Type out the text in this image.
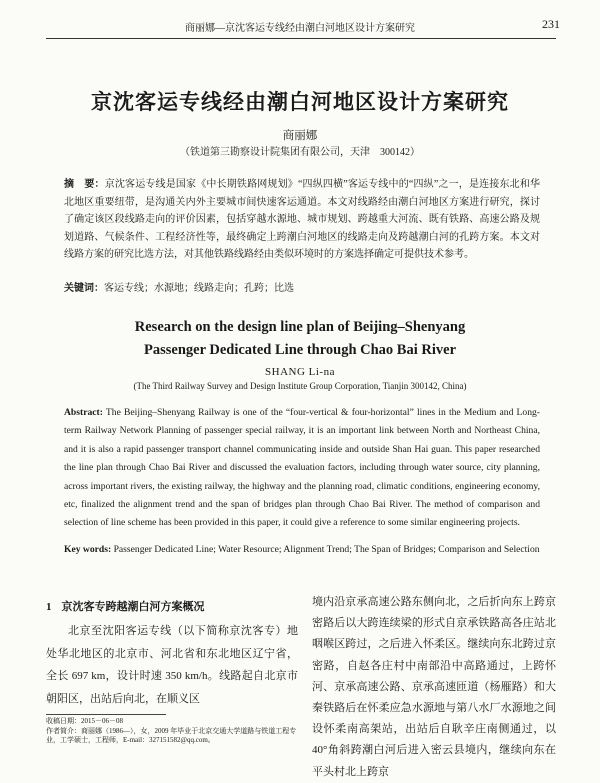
商丽娜—京沈客运专线经由潮白河地区设计方案研究	231
京沈客运专线经由潮白河地区设计方案研究
商丽娜
（铁道第三勘察设计院集团有限公司，天津　300142）
摘　要：京沈客运专线是国家《中长期铁路网规划》“四纵四横”客运专线中的“四纵”之一，是连接东北和华北地区重要纽带，是沟通关内外主要城市间快速客运通道。本文对线路经由潮白河地区方案进行研究，探讨了确定该区段线路走向的评价因素，包括穿越水源地、城市规划、跨越重大河流、既有铁路、高速公路及规划道路、气候条件、工程经济性等，最终确定上跨潮白河地区的线路走向及跨越潮白河的孔跨方案。本文对线路方案的研究比选方法，对其他铁路线路经由类似环境时的方案选择确定可提供技术参考。
关键词：客运专线；水源地；线路走向；孔跨；比选
Research on the design line plan of Beijing–Shenyang
Passenger Dedicated Line through Chao Bai River
SHANG Li-na
(The Third Railway Survey and Design Institute Group Corporation, Tianjin 300142, China)
Abstract: The Beijing–Shenyang Railway is one of the “four-vertical & four-horizontal” lines in the Medium and Long-term Railway Network Planning of passenger special railway, it is an important link between North and Northeast China, and it is also a rapid passenger transport channel communicating inside and outside Shan Hai guan. This paper researched the line plan through Chao Bai River and discussed the evaluation factors, including through water source, city planning, across important rivers, the existing railway, the highway and the planning road, climatic conditions, engineering economy, etc, finalized the alignment trend and the span of bridges plan through Chao Bai River. The method of comparison and selection of line scheme has been provided in this paper, it could give a reference to some similar engineering projects.
Key words: Passenger Dedicated Line; Water Resource; Alignment Trend; The Span of Bridges; Comparison and Selection
1 京沈客专跨越潮白河方案概况
北京至沈阳客运专线（以下简称京沈客专）地处华北地区的北京市、河北省和东北地区辽宁省，全长 697 km，设计时速 350 km/h。线路起自北京市朝阳区，出站后向北，在顺义区
境内沿京承高速公路东侧向北，之后折向东上跨京密路后以大跨连续梁的形式自京承铁路高各庄站北咽喉区跨过，之后进入怀柔区。继续向东北跨过京密路，自赵各庄村中南部沿中高路通过，上跨怀河、京承高速公路、京承高速匝道（杨雁路）和大秦铁路后在怀柔应急水源地与第八水厂水源地之间设怀柔南高架站，出站后自耿辛庄南侧通过，以 40°角斜跨潮白河后进入密云县境内，继续向东在平头村北上跨京
收稿日期：2015－06－08
作者简介：商丽娜（1986—），女，2009 年毕业于北京交通大学道路与铁道工程专业，工学硕士，工程师，E-mail：327151582@qq.com。
